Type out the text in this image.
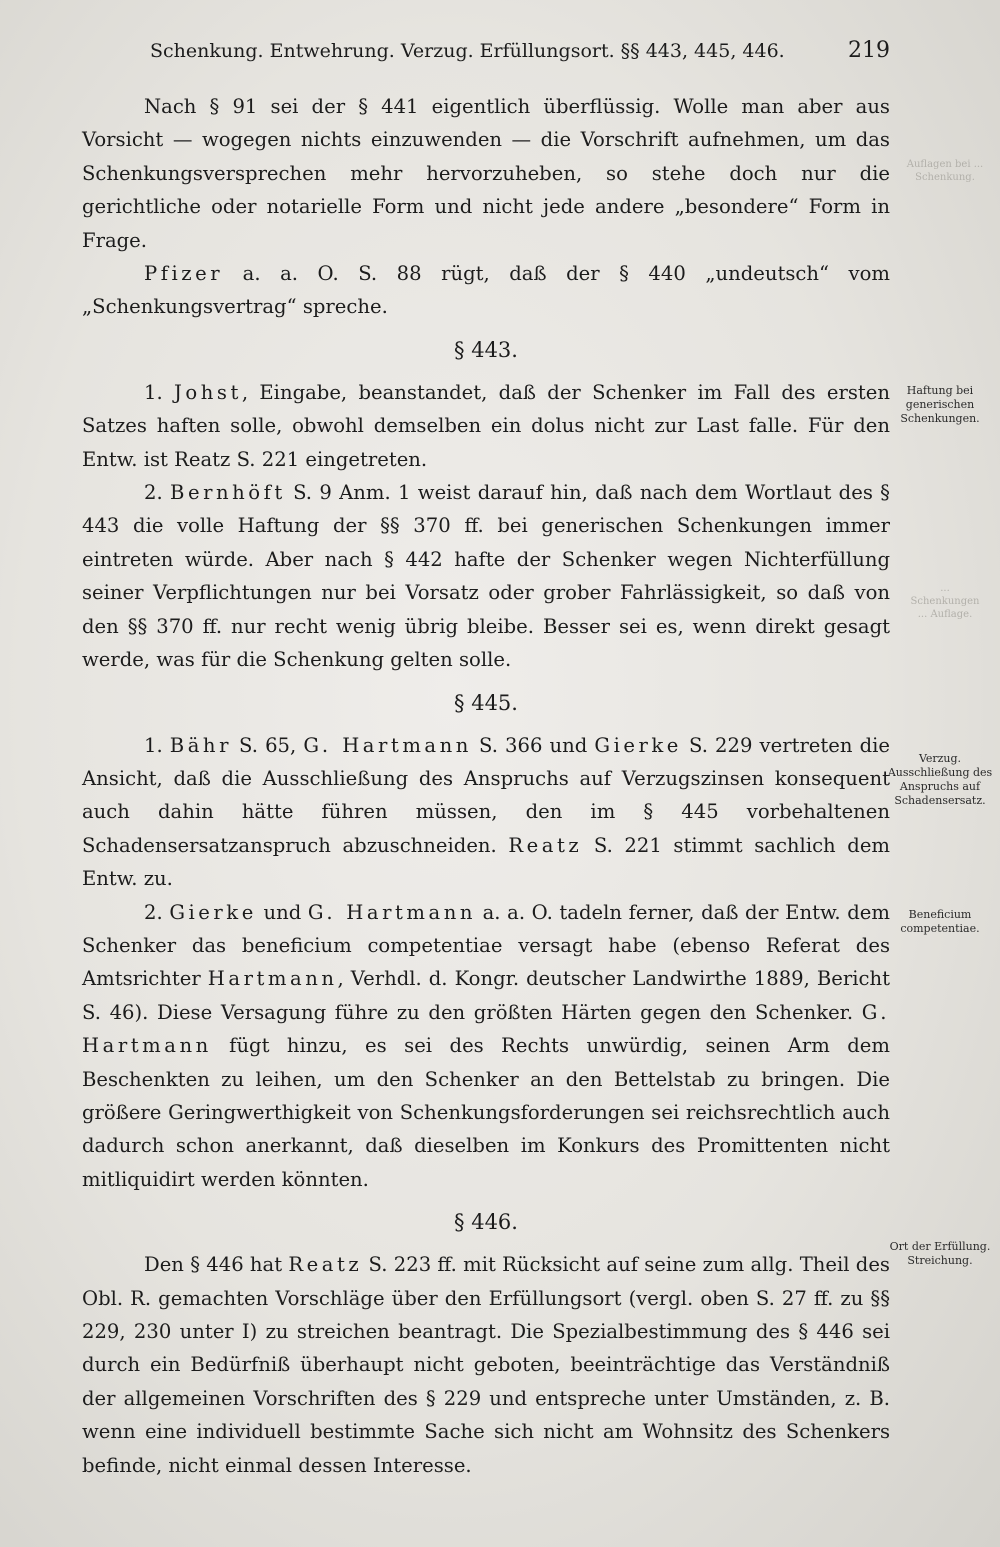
Schenkung. Entwehrung. Verzug. Erfüllungsort. §§ 443, 445, 446.	219

Nach § 91 sei der § 441 eigentlich überflüssig. Wolle man aber aus Vorsicht — wogegen nichts einzuwenden — die Vorschrift aufnehmen, um das Schenkungsversprechen mehr hervorzuheben, so stehe doch nur die gerichtliche oder notarielle Form und nicht jede andere „besondere“ Form in Frage.

Pfizer a. a. O. S. 88 rügt, daß der § 440 „undeutsch“ vom „Schenkungsvertrag“ spreche.

§ 443.

1. Johst, Eingabe, beanstandet, daß der Schenker im Fall des ersten Satzes haften solle, obwohl demselben ein dolus nicht zur Last falle. Für den Entw. ist Reatz S. 221 eingetreten.

2. Bernhöft S. 9 Anm. 1 weist darauf hin, daß nach dem Wortlaut des § 443 die volle Haftung der §§ 370 ff. bei generischen Schenkungen immer eintreten würde. Aber nach § 442 hafte der Schenker wegen Nichterfüllung seiner Verpflichtungen nur bei Vorsatz oder grober Fahrlässigkeit, so daß von den §§ 370 ff. nur recht wenig übrig bleibe. Besser sei es, wenn direkt gesagt werde, was für die Schenkung gelten solle.

§ 445.

1. Bähr S. 65, G. Hartmann S. 366 und Gierke S. 229 vertreten die Ansicht, daß die Ausschließung des Anspruchs auf Verzugszinsen konsequent auch dahin hätte führen müssen, den im § 445 vorbehaltenen Schadensersatzanspruch abzuschneiden. Reatz S. 221 stimmt sachlich dem Entw. zu.

2. Gierke und G. Hartmann a. a. O. tadeln ferner, daß der Entw. dem Schenker das beneficium competentiae versagt habe (ebenso Referat des Amtsrichter Hartmann, Verhdl. d. Kongr. deutscher Landwirthe 1889, Bericht S. 46). Diese Versagung führe zu den größten Härten gegen den Schenker. G. Hartmann fügt hinzu, es sei des Rechts unwürdig, seinen Arm dem Beschenkten zu leihen, um den Schenker an den Bettelstab zu bringen. Die größere Geringwerthigkeit von Schenkungsforderungen sei reichsrechtlich auch dadurch schon anerkannt, daß dieselben im Konkurs des Promittenten nicht mitliquidirt werden könnten.

§ 446.

Den § 446 hat Reatz S. 223 ff. mit Rücksicht auf seine zum allg. Theil des Obl. R. gemachten Vorschläge über den Erfüllungsort (vergl. oben S. 27 ff. zu §§ 229, 230 unter I) zu streichen beantragt. Die Spezialbestimmung des § 446 sei durch ein Bedürfniß überhaupt nicht geboten, beeinträchtige das Verständniß der allgemeinen Vorschriften des § 229 und entspreche unter Umständen, z. B. wenn eine individuell bestimmte Sache sich nicht am Wohnsitz des Schenkers befinde, nicht einmal dessen Interesse.

Auflagen bei ... Schenkung.
... Schenkungen ... Auflage.
Haftung bei generischen Schenkungen.
Verzug. Ausschließung des Anspruchs auf Schadensersatz.
Beneficium competentiae.
Ort der Erfüllung. Streichung.
